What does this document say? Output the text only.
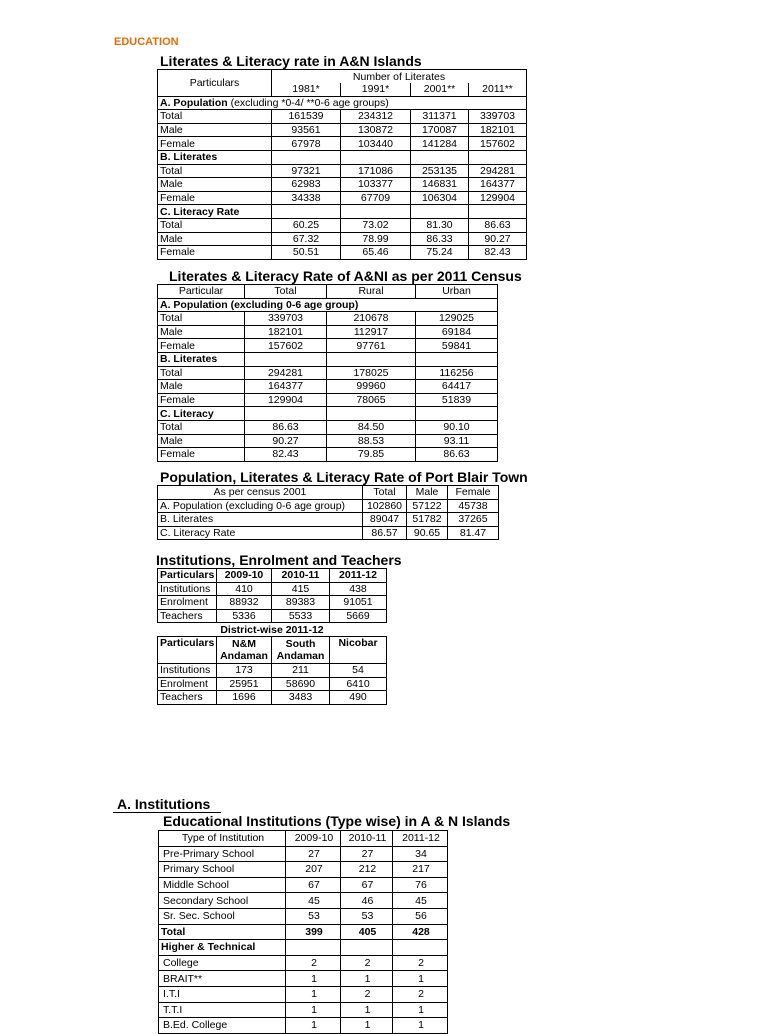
EDUCATION
Literates & Literacy rate in A&N Islands
Particulars	Number of Literates			
	1981*	1991*	2001**	2011**
A. Population (excluding *0-4/ **0-6 age groups)				
Total	161539	234312	311371	339703
Male	93561	130872	170087	182101
Female	67978	103440	141284	157602
B. Literates				
Total	97321	171086	253135	294281
Male	62983	103377	146831	164377
Female	34338	67709	106304	129904
C. Literacy Rate				
Total	60.25	73.02	81.30	86.63
Male	67.32	78.99	86.33	90.27
Female	50.51	65.46	75.24	82.43
Literates & Literacy Rate of A&NI as per 2011 Census
Particular	Total	Rural	Urban
A. Population (excluding 0-6 age group)			
Total	339703	210678	129025
Male	182101	112917	69184
Female	157602	97761	59841
B. Literates			
Total	294281	178025	116256
Male	164377	99960	64417
Female	129904	78065	51839
C. Literacy			
Total	86.63	84.50	90.10
Male	90.27	88.53	93.11
Female	82.43	79.85	86.63
Population, Literates & Literacy Rate of Port Blair Town
As per census 2001	Total	Male	Female
A. Population (excluding 0-6 age group)	102860	57122	45738
B. Literates	89047	51782	37265
C. Literacy Rate	86.57	90.65	81.47
Institutions, Enrolment and Teachers
Particulars	2009-10	2010-11	2011-12
Institutions	410	415	438
Enrolment	88932	89383	91051
Teachers	5336	5533	5669
District-wise 2011-12			
Particulars	N&M Andaman	South Andaman	Nicobar
Institutions	173	211	54
Enrolment	25951	58690	6410
Teachers	1696	3483	490
A. Institutions
Educational Institutions (Type wise) in A & N Islands
Type of Institution	2009-10	2010-11	2011-12
Pre-Primary School	27	27	34
Primary School	207	212	217
Middle School	67	67	76
Secondary School	45	46	45
Sr. Sec. School	53	53	56
Total	399	405	428
Higher & Technical			
College	2	2	2
BRAIT**	1	1	1
I.T.I	1	2	2
T.T.I	1	1	1
B.Ed. College	1	1	1
